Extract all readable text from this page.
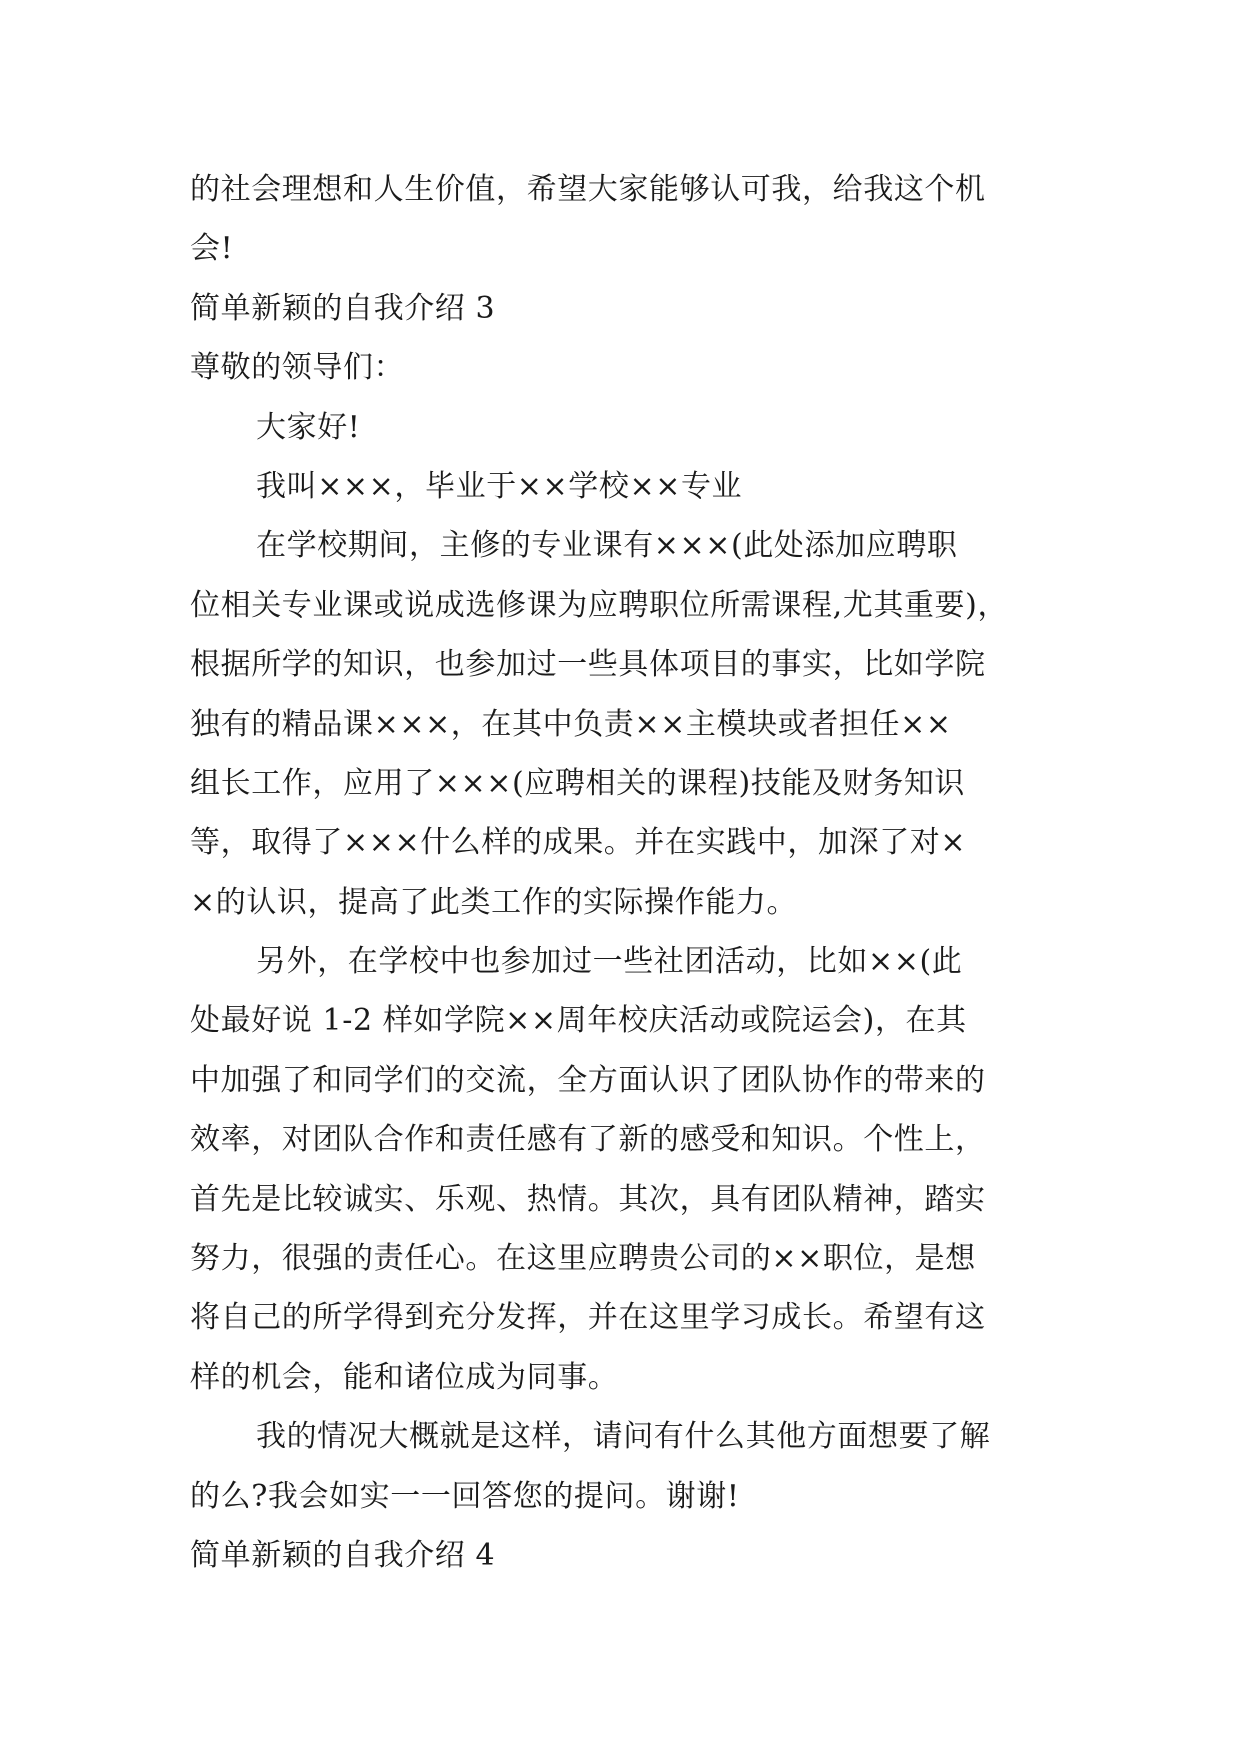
的社会理想和人生价值，希望大家能够认可我，给我这个机

会!

简单新颖的自我介绍 3

尊敬的领导们：

大家好!

我叫×××，毕业于××学校××专业

在学校期间，主修的专业课有×××(此处添加应聘职

位相关专业课或说成选修课为应聘职位所需课程,尤其重要)，

根据所学的知识，也参加过一些具体项目的事实，比如学院

独有的精品课×××，在其中负责××主模块或者担任××

组长工作，应用了×××(应聘相关的课程)技能及财务知识

等，取得了×××什么样的成果。并在实践中，加深了对×

×的认识，提高了此类工作的实际操作能力。

另外，在学校中也参加过一些社团活动，比如××(此

处最好说 1-2 样如学院××周年校庆活动或院运会)，在其

中加强了和同学们的交流，全方面认识了团队协作的带来的

效率，对团队合作和责任感有了新的感受和知识。个性上，

首先是比较诚实、乐观、热情。其次，具有团队精神，踏实

努力，很强的责任心。在这里应聘贵公司的××职位，是想

将自己的所学得到充分发挥，并在这里学习成长。希望有这

样的机会，能和诸位成为同事。

我的情况大概就是这样，请问有什么其他方面想要了解

的么?我会如实一一回答您的提问。谢谢!

简单新颖的自我介绍 4
